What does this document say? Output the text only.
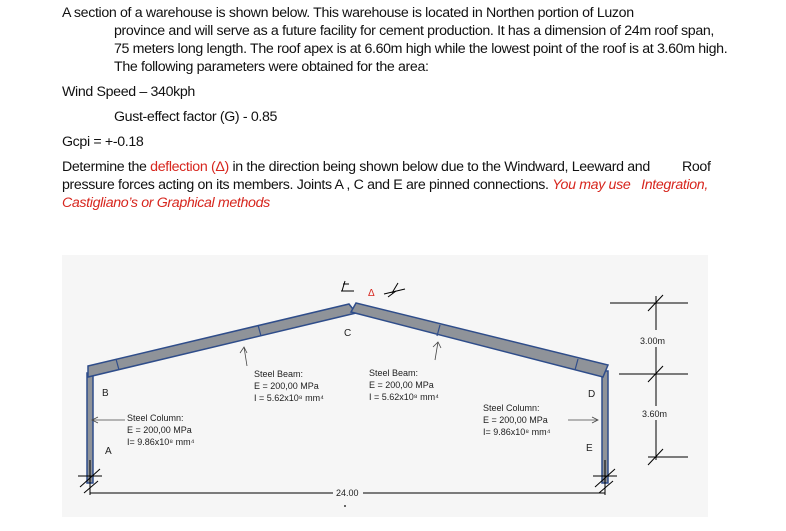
A section of a warehouse is shown below. This warehouse is located in Northen portion of Luzon
province and will serve as a future facility for cement production. It has a dimension of 24m roof span,
75 meters long length. The roof apex is at 6.60m high while the lowest point of the roof is at 3.60m high.
The following parameters were obtained for the area:
Wind Speed – 340kph
Gust-effect factor (G) - 0.85
Gcpi = +-0.18
Determine the deflection (Δ) in the direction being shown below due to the Windward, Leeward and Roof
pressure forces acting on its members. Joints A , C and E are pinned connections. You may use Integration,
Castigliano’s or Graphical methods
Δ
C
B
A
D
E
Steel Beam:
E = 200,00 MPa
I = 5.62x10⁸ mm⁴
Steel Beam:
E = 200,00 MPa
I = 5.62x10⁸ mm⁴
Steel Column:
E = 200,00 MPa
I= 9.86x10⁸ mm⁴
Steel Column:
E = 200,00 MPa
I= 9.86x10⁸ mm⁴
24.00
3.00m
3.60m
